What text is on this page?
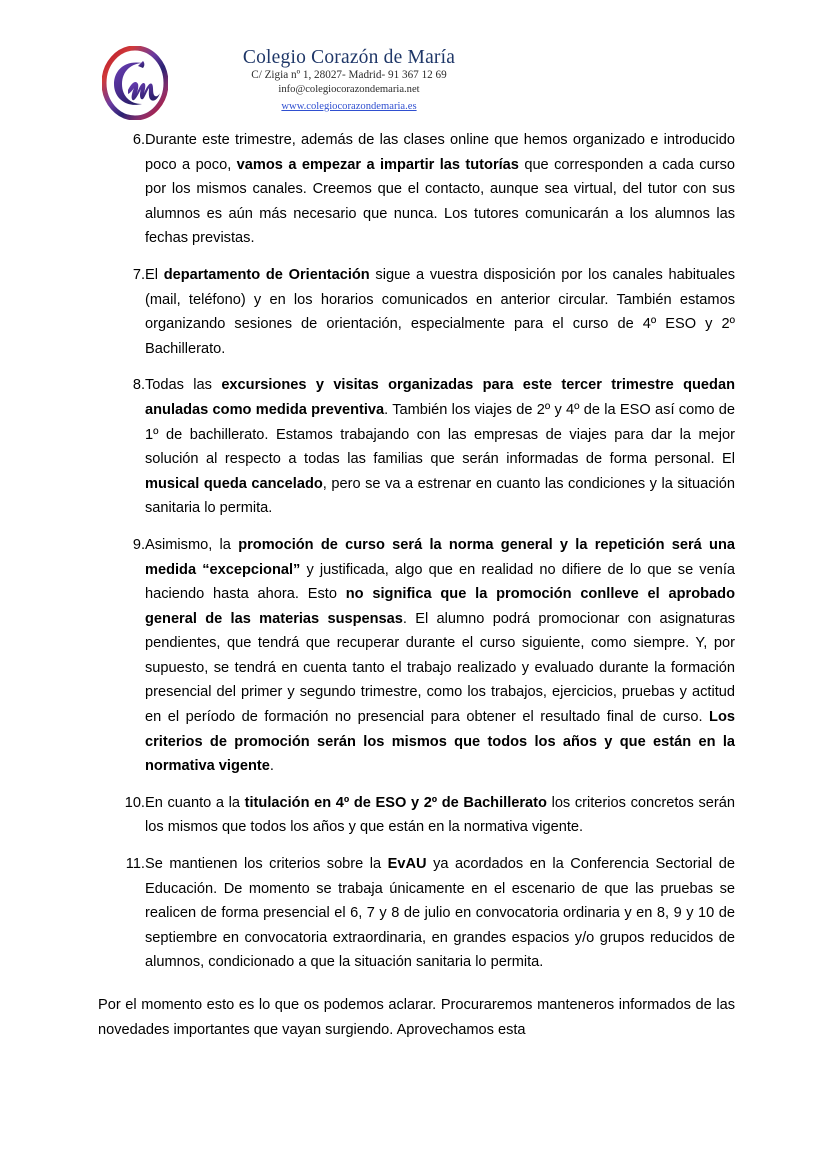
Colegio Corazón de María
C/ Zigia nº 1, 28027- Madrid- 91 367 12 69
info@colegiocorazondemaria.net
www.colegiocorazondemaria.es
6. Durante este trimestre, además de las clases online que hemos organizado e introducido poco a poco, vamos a empezar a impartir las tutorías que corresponden a cada curso por los mismos canales. Creemos que el contacto, aunque sea virtual, del tutor con sus alumnos es aún más necesario que nunca. Los tutores comunicarán a los alumnos las fechas previstas.
7. El departamento de Orientación sigue a vuestra disposición por los canales habituales (mail, teléfono) y en los horarios comunicados en anterior circular. También estamos organizando sesiones de orientación, especialmente para el curso de 4º ESO y 2º Bachillerato.
8. Todas las excursiones y visitas organizadas para este tercer trimestre quedan anuladas como medida preventiva. También los viajes de 2º y 4º de la ESO así como de 1º de bachillerato. Estamos trabajando con las empresas de viajes para dar la mejor solución al respecto a todas las familias que serán informadas de forma personal. El musical queda cancelado, pero se va a estrenar en cuanto las condiciones y la situación sanitaria lo permita.
9. Asimismo, la promoción de curso será la norma general y la repetición será una medida “excepcional” y justificada, algo que en realidad no difiere de lo que se venía haciendo hasta ahora. Esto no significa que la promoción conlleve el aprobado general de las materias suspensas. El alumno podrá promocionar con asignaturas pendientes, que tendrá que recuperar durante el curso siguiente, como siempre. Y, por supuesto, se tendrá en cuenta tanto el trabajo realizado y evaluado durante la formación presencial del primer y segundo trimestre, como los trabajos, ejercicios, pruebas y actitud en el período de formación no presencial para obtener el resultado final de curso. Los criterios de promoción serán los mismos que todos los años y que están en la normativa vigente.
10. En cuanto a la titulación en 4º de ESO y 2º de Bachillerato los criterios concretos serán los mismos que todos los años y que están en la normativa vigente.
11. Se mantienen los criterios sobre la EvAU ya acordados en la Conferencia Sectorial de Educación. De momento se trabaja únicamente en el escenario de que las pruebas se realicen de forma presencial el 6, 7 y 8 de julio en convocatoria ordinaria y en 8, 9 y 10 de septiembre en convocatoria extraordinaria, en grandes espacios y/o grupos reducidos de alumnos, condicionado a que la situación sanitaria lo permita.

Por el momento esto es lo que os podemos aclarar. Procuraremos manteneros informados de las novedades importantes que vayan surgiendo. Aprovechamos esta
